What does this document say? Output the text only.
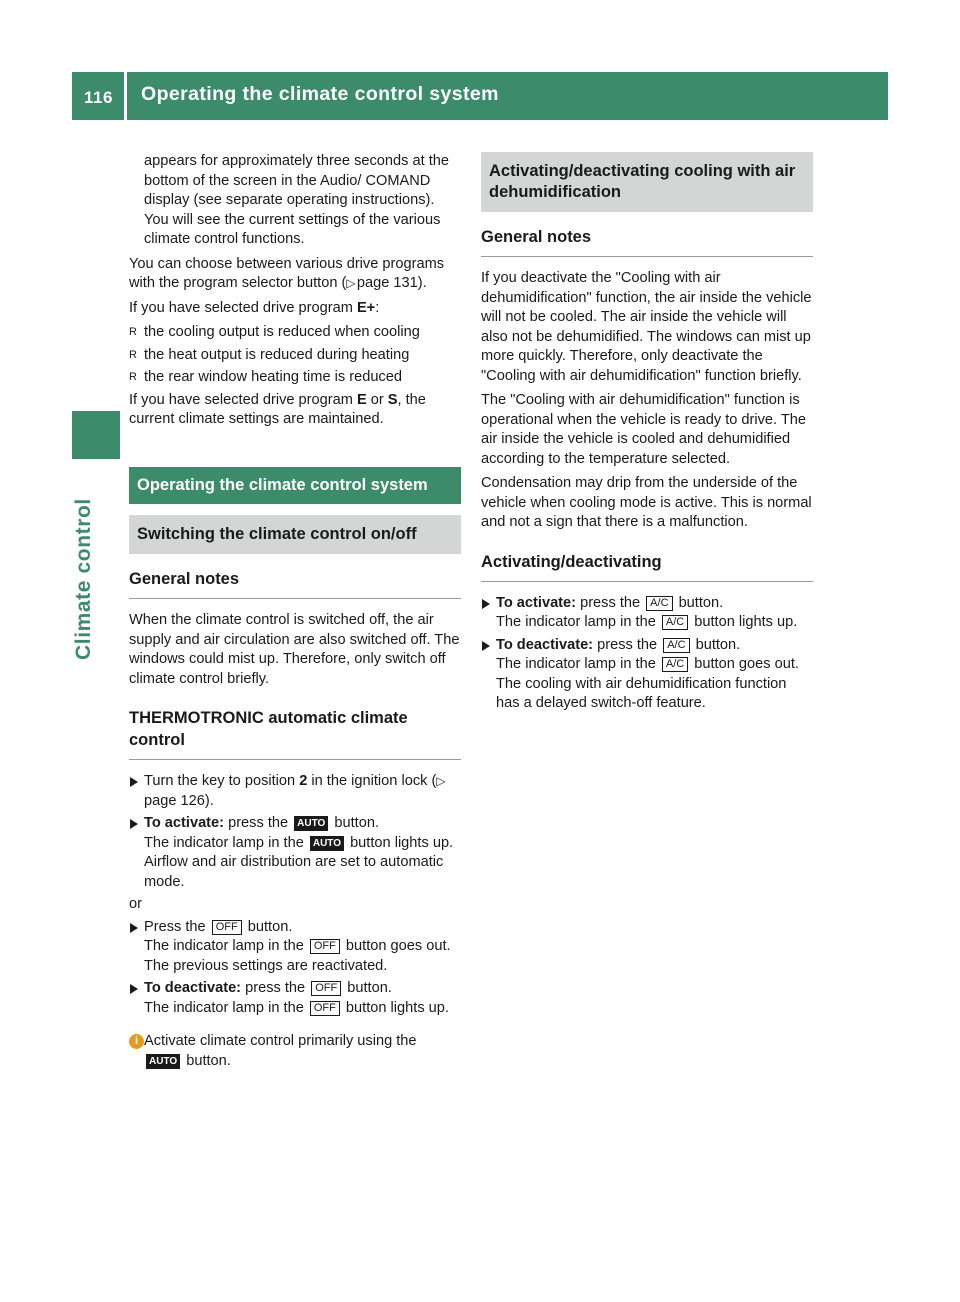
116 Operating the climate control system
Climate control

appears for approximately three seconds at the bottom of the screen in the Audio/ COMAND display (see separate operating instructions). You will see the current settings of the various climate control functions.

You can choose between various drive programs with the program selector button (▷ page 131).

If you have selected drive program E+:

R the cooling output is reduced when cooling
R the heat output is reduced during heating
R the rear window heating time is reduced

If you have selected drive program E or S, the current climate settings are maintained.

Operating the climate control system
Switching the climate control on/off
General notes

When the climate control is switched off, the air supply and air circulation are also switched off. The windows could mist up. Therefore, only switch off climate control briefly.

THERMOTRONIC automatic climate control
Turn the key to position 2 in the ignition lock (▷ page 126).
To activate: press the AUTO button.
The indicator lamp in the AUTO button lights up. Airflow and air distribution are set to automatic mode.

or

Press the OFF button.
The indicator lamp in the OFF button goes out. The previous settings are reactivated.
To deactivate: press the OFF button.
The indicator lamp in the OFF button lights up.
i Activate climate control primarily using the
AUTO button.
Activating/deactivating cooling with air dehumidification
General notes

If you deactivate the "Cooling with air dehumidification" function, the air inside the vehicle will not be cooled. The air inside the vehicle will also not be dehumidified. The windows can mist up more quickly. Therefore, only deactivate the "Cooling with air dehumidification" function briefly.

The "Cooling with air dehumidification" function is operational when the vehicle is ready to drive. The air inside the vehicle is cooled and dehumidified according to the temperature selected.

Condensation may drip from the underside of the vehicle when cooling mode is active. This is normal and not a sign that there is a malfunction.

Activating/deactivating
To activate: press the A/C button.
The indicator lamp in the A/C button lights up.
To deactivate: press the A/C button.
The indicator lamp in the A/C button goes out. The cooling with air dehumidification function has a delayed switch-off feature.
